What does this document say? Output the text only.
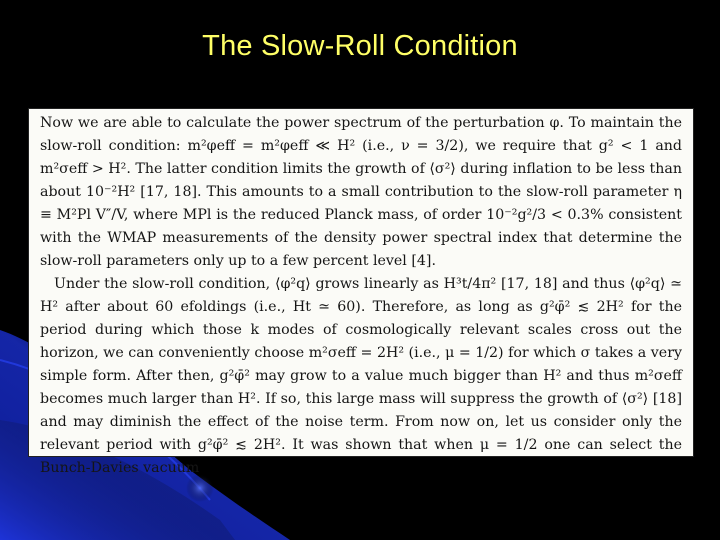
The Slow-Roll Condition

Now we are able to calculate the power spectrum of the perturbation φ. To maintain the slow-roll condition: m²φeff = m²φeff ≪ H² (i.e., ν = 3/2), we require that g² < 1 and m²σeff > H². The latter condition limits the growth of ⟨σ²⟩ during inflation to be less than about 10⁻²H² [17, 18]. This amounts to a small contribution to the slow-roll parameter η ≡ M²Pl V″/V, where MPl is the reduced Planck mass, of order 10⁻²g²/3 < 0.3% consistent with the WMAP measurements of the density power spectral index that determine the slow-roll parameters only up to a few percent level [4].

Under the slow-roll condition, ⟨φ²q⟩ grows linearly as H³t/4π² [17, 18] and thus ⟨φ²q⟩ ≃ H² after about 60 efoldings (i.e., Ht ≃ 60). Therefore, as long as g²φ̄² ≲ 2H² for the period during which those k modes of cosmologically relevant scales cross out the horizon, we can conveniently choose m²σeff = 2H² (i.e., μ = 1/2) for which σ takes a very simple form. After then, g²φ̄² may grow to a value much bigger than H² and thus m²σeff becomes much larger than H². If so, this large mass will suppress the growth of ⟨σ²⟩ [18] and may diminish the effect of the noise term. From now on, let us consider only the relevant period with g²φ̄² ≲ 2H². It was shown that when μ = 1/2 one can select the Bunch-Davies vacuum
